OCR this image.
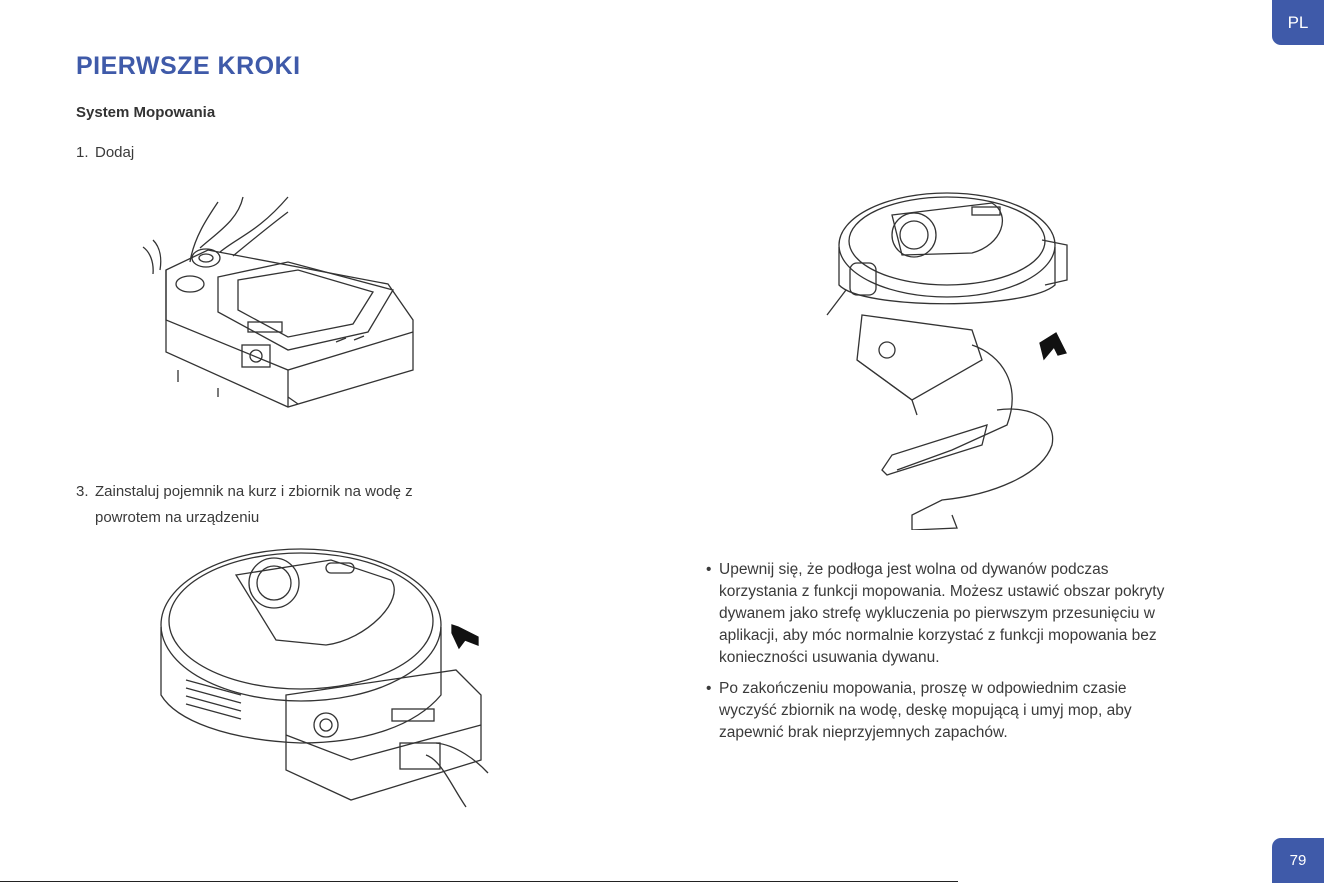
PL
PIERWSZE KROKI
System Mopowania
1. Dodaj
3. Zainstaluj pojemnik na kurz i zbiornik na wodę z
powrotem na urządzeniu
• Upewnij się, że podłoga jest wolna od dywanów podczas
korzystania z funkcji mopowania. Możesz ustawić obszar pokryty
dywanem jako strefę wykluczenia po pierwszym przesunięciu w
aplikacji, aby móc normalnie korzystać z funkcji mopowania bez
konieczności usuwania dywanu.
• Po zakończeniu mopowania, proszę w odpowiednim czasie
wyczyść zbiornik na wodę, deskę mopującą i umyj mop, aby
zapewnić brak nieprzyjemnych zapachów.
79
